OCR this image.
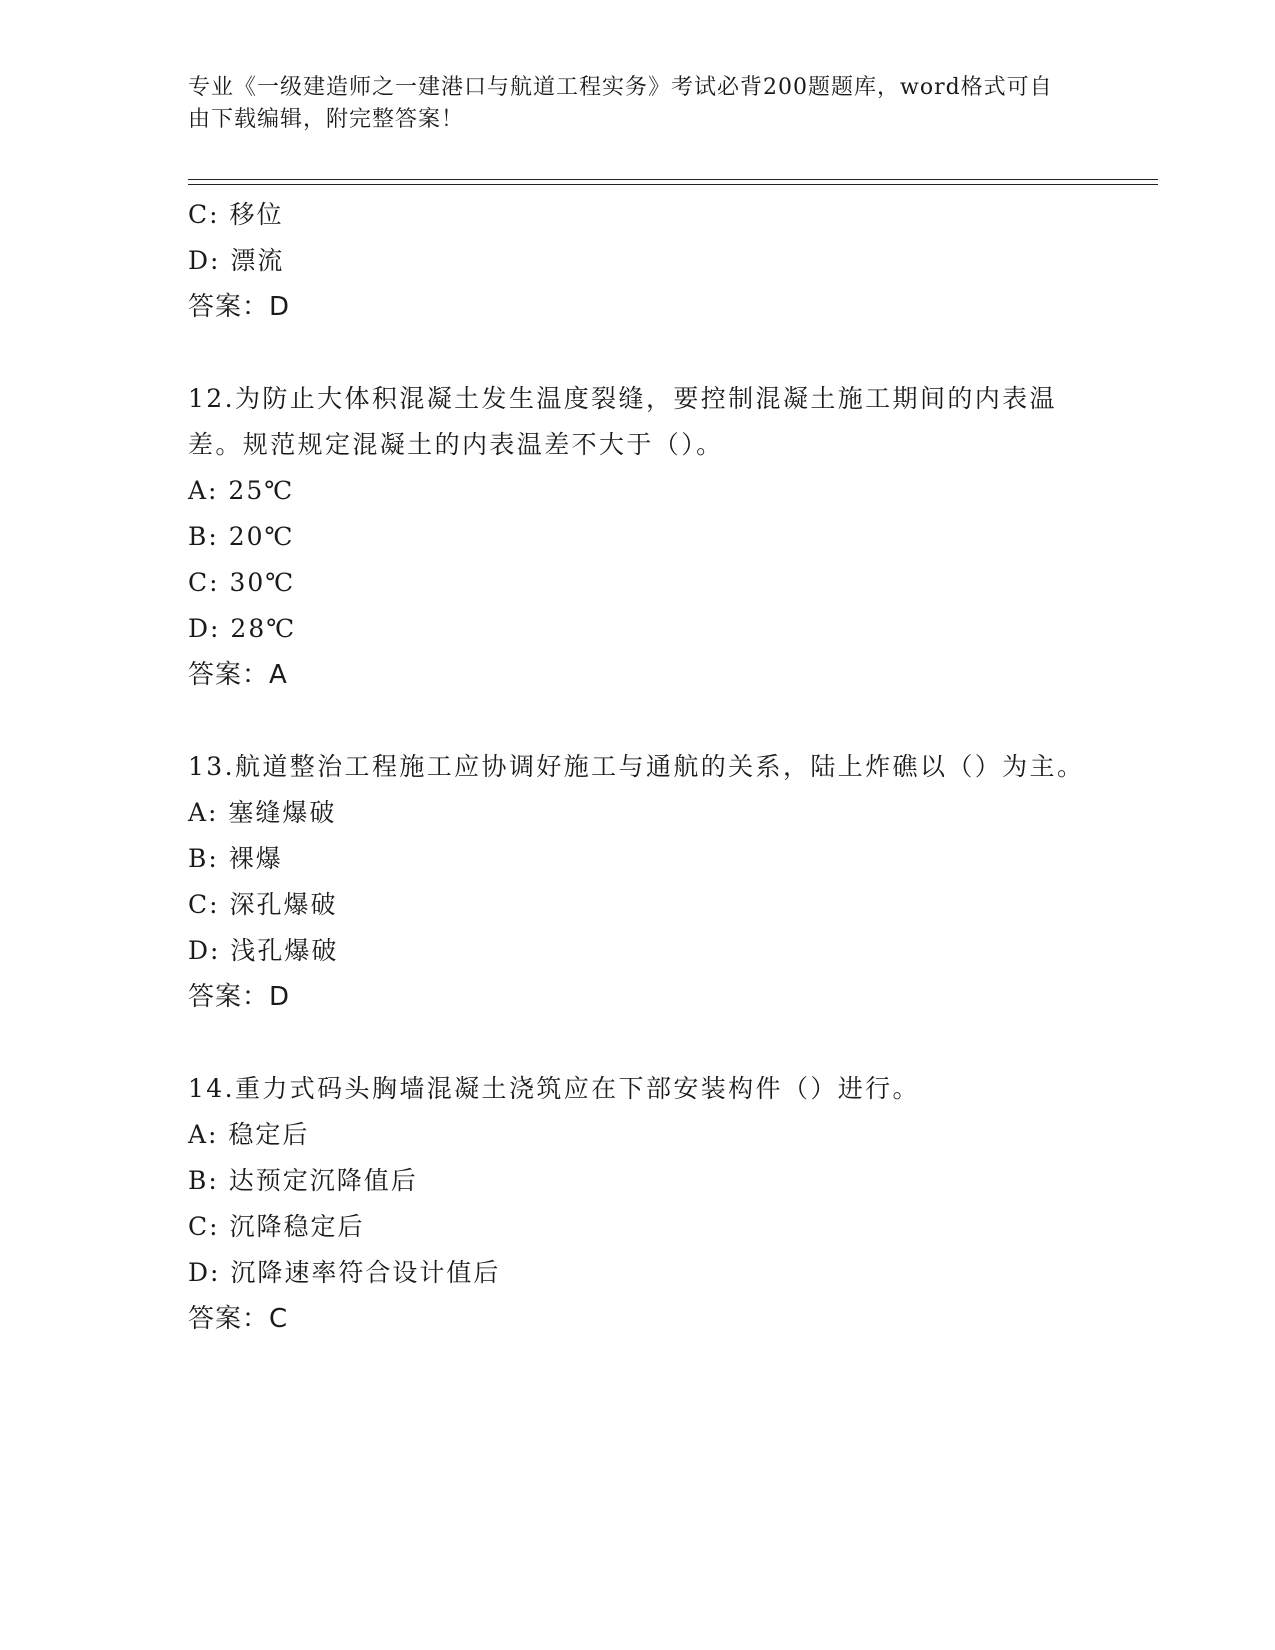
专业《一级建造师之一建港口与航道工程实务》考试必背200题题库，word格式可自由下载编辑，附完整答案！
C: 移位
D: 漂流
答案：D
12.为防止大体积混凝土发生温度裂缝，要控制混凝土施工期间的内表温差。规范规定混凝土的内表温差不大于（）。
A: 25℃
B: 20℃
C: 30℃
D: 28℃
答案：A
13.航道整治工程施工应协调好施工与通航的关系，陆上炸礁以（）为主。
A: 塞缝爆破
B: 裸爆
C: 深孔爆破
D: 浅孔爆破
答案：D
14.重力式码头胸墙混凝土浇筑应在下部安装构件（）进行。
A: 稳定后
B: 达预定沉降值后
C: 沉降稳定后
D: 沉降速率符合设计值后
答案：C
